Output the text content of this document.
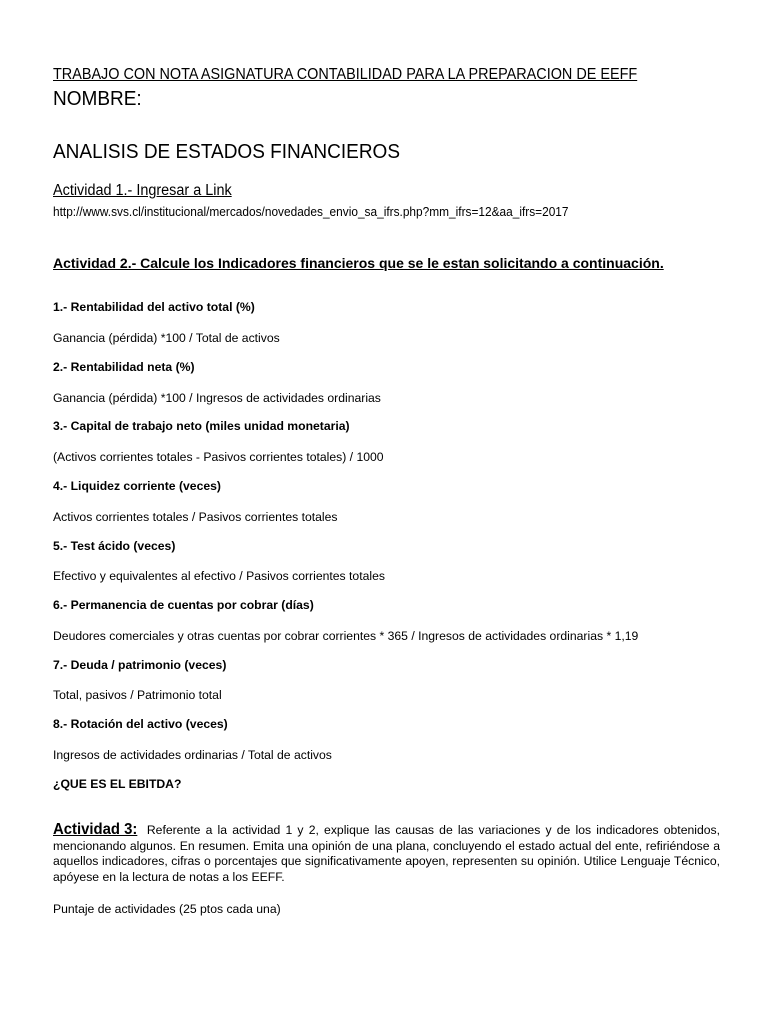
TRABAJO CON NOTA ASIGNATURA CONTABILIDAD PARA LA PREPARACION DE EEFF
NOMBRE:
ANALISIS DE ESTADOS FINANCIEROS
Actividad 1.- Ingresar a Link
http://www.svs.cl/institucional/mercados/novedades_envio_sa_ifrs.php?mm_ifrs=12&aa_ifrs=2017
Actividad 2.- Calcule los Indicadores financieros que se le estan solicitando a continuación.
1.- Rentabilidad del activo total (%)
Ganancia (pérdida) *100 / Total de activos
2.- Rentabilidad neta (%)
Ganancia (pérdida) *100 / Ingresos de actividades ordinarias
3.- Capital de trabajo neto (miles unidad monetaria)
(Activos corrientes totales - Pasivos corrientes totales) / 1000
4.- Liquidez corriente (veces)
Activos corrientes totales / Pasivos corrientes totales
5.- Test ácido (veces)
Efectivo y equivalentes al efectivo / Pasivos corrientes totales
6.- Permanencia de cuentas por cobrar (días)
Deudores comerciales y otras cuentas por cobrar corrientes * 365 / Ingresos de actividades ordinarias * 1,19
7.- Deuda / patrimonio (veces)
Total, pasivos / Patrimonio total
8.- Rotación del activo (veces)
Ingresos de actividades ordinarias / Total de activos
¿QUE ES EL EBITDA?
Actividad 3: Referente a la actividad 1 y 2, explique las causas de las variaciones y de los indicadores obtenidos, mencionando algunos. En resumen. Emita una opinión de una plana, concluyendo el estado actual del ente, refiriéndose a aquellos indicadores, cifras o porcentajes que significativamente apoyen, representen su opinión. Utilice Lenguaje Técnico, apóyese en la lectura de notas a los EEFF.
Puntaje de actividades (25 ptos cada una)
